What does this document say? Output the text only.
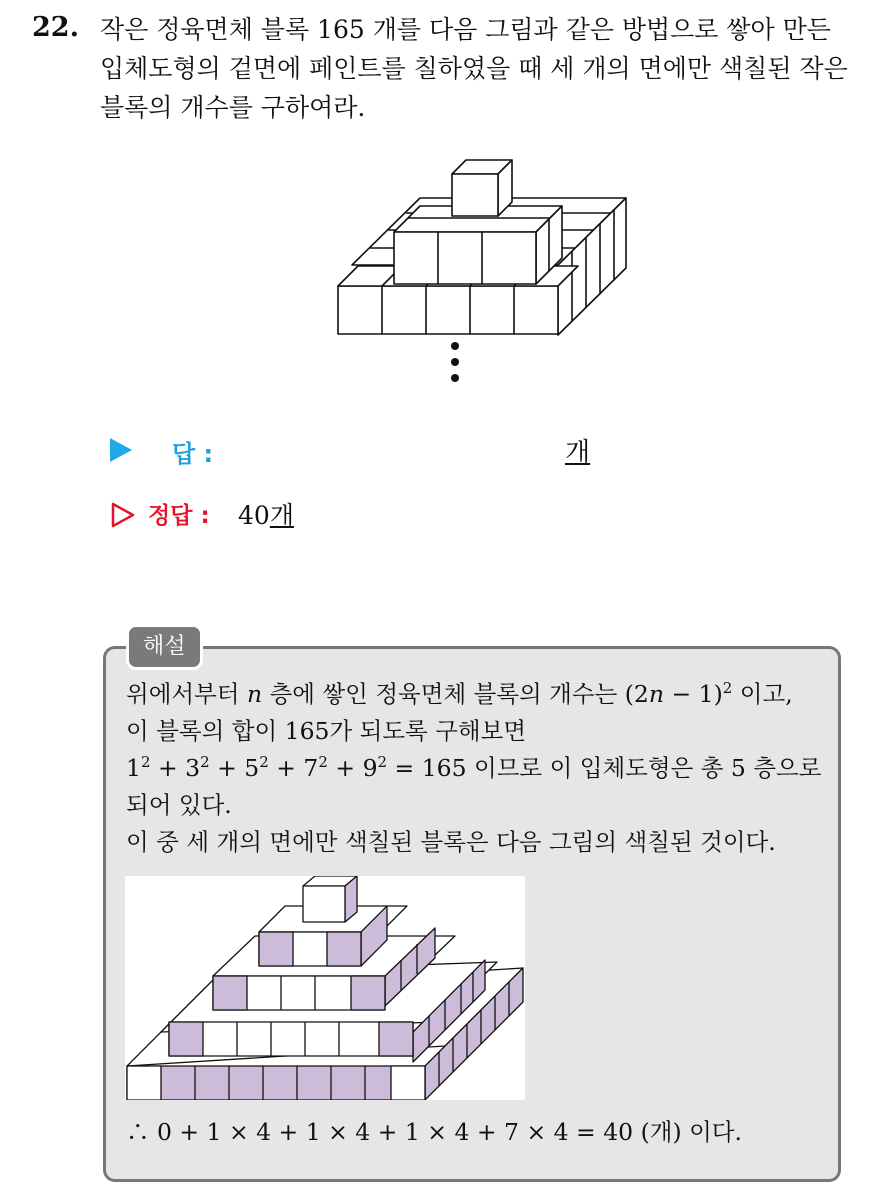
22. 작은 정육면체 블록 165 개를 다음 그림과 같은 방법으로 쌓아 만든
입체도형의 겉면에 페인트를 칠하였을 때 세 개의 면에만 색칠된 작은
블록의 개수를 구하여라.
답 :	개
정답 : 40개
해설
위에서부터 n 층에 쌓인 정육면체 블록의 개수는 $(2n - 1)^2$ 이고,
이 블록의 합이 165가 되도록 구해보면
$1^2 + 3^2 + 5^2 + 7^2 + 9^2 = 165$ 이므로 이 입체도형은 총 5 층으로
되어 있다.
이 중 세 개의 면에만 색칠된 블록은 다음 그림의 색칠된 것이다.
∴ 0 + 1 × 4 + 1 × 4 + 1 × 4 + 7 × 4 = 40 (개) 이다.
